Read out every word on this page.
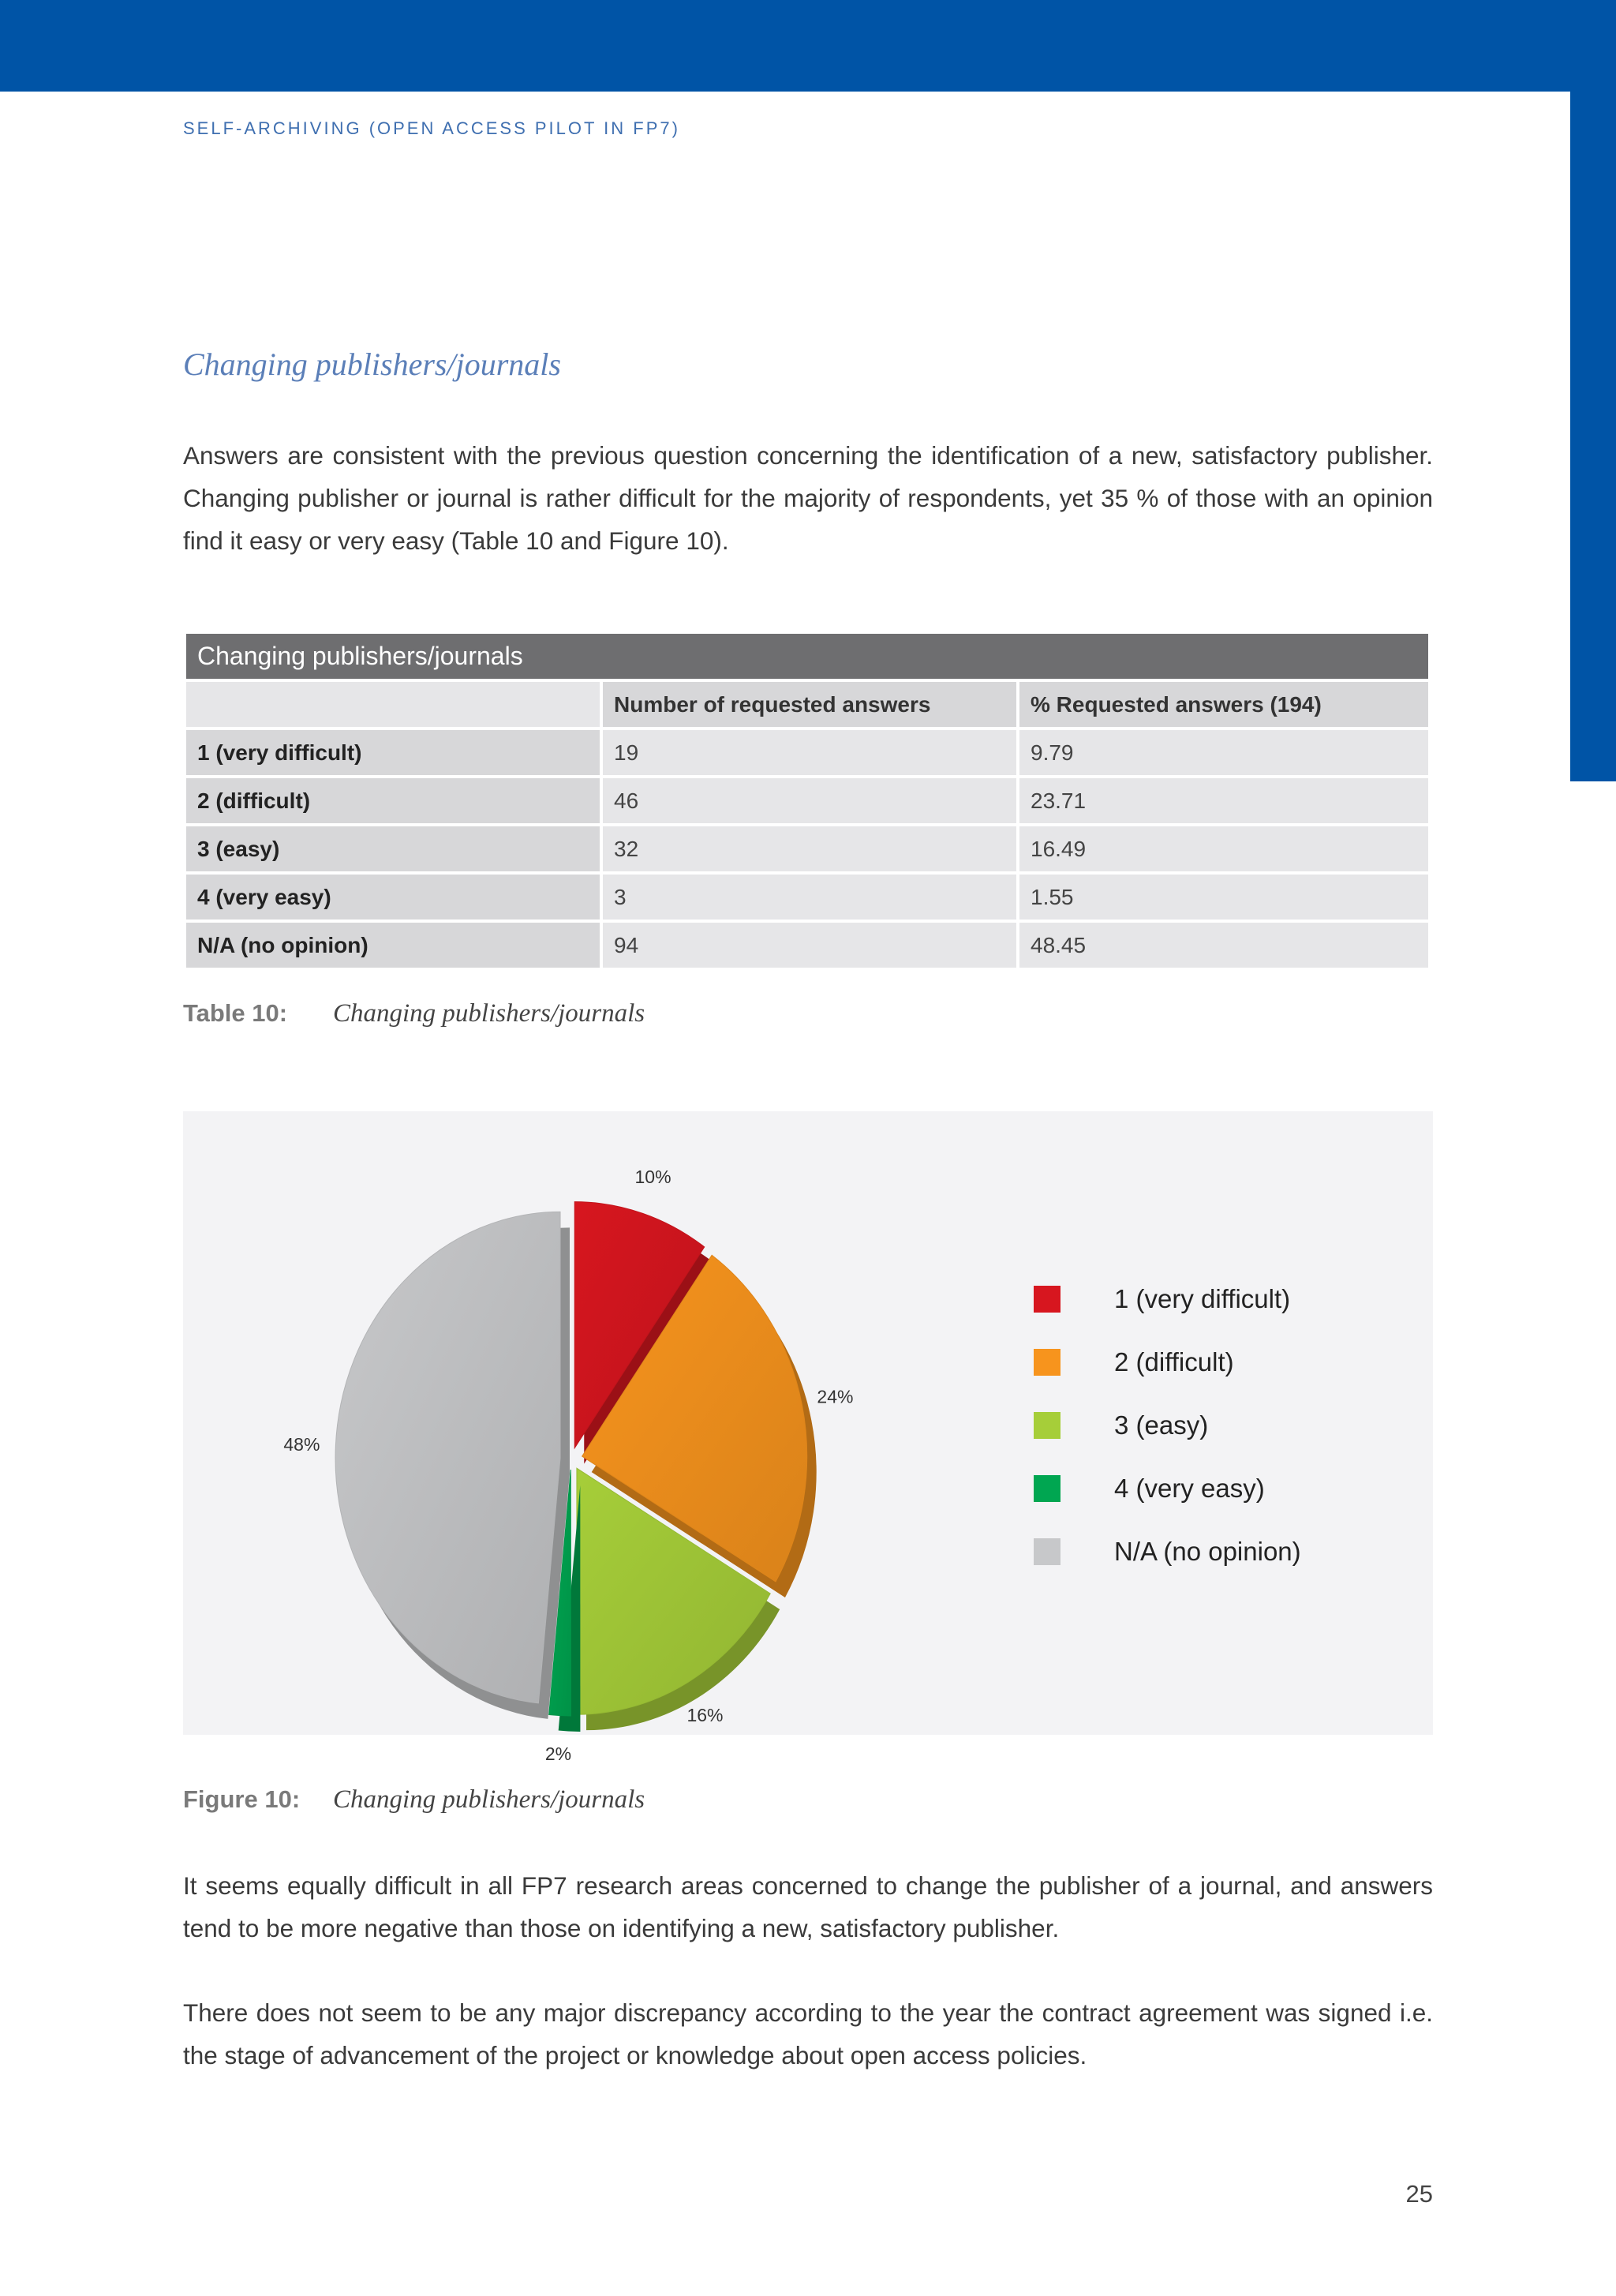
SELF-ARCHIVING (OPEN ACCESS PILOT IN FP7)
Changing publishers/journals
Answers are consistent with the previous question concerning the identification of a new, satisfactory publisher. Changing publisher or journal is rather difficult for the majority of respondents, yet 35 % of those with an opinion find it easy or very easy (Table 10 and Figure 10).
Changing publishers/journals		
	Number of requested answers	% Requested answers (194)
1 (very difficult)	19	9.79
2 (difficult)	46	23.71
3 (easy)	32	16.49
4 (very easy)	3	1.55
N/A (no opinion)	94	48.45
Table 10: Changing publishers/journals
10%
24%
16%
2%
48%
1 (very difficult)
2 (difficult)
3 (easy)
4 (very easy)
N/A (no opinion)
Figure 10: Changing publishers/journals
It seems equally difficult in all FP7 research areas concerned to change the publisher of a journal, and answers tend to be more negative than those on identifying a new, satisfactory publisher.
There does not seem to be any major discrepancy according to the year the contract agreement was signed i.e. the stage of advancement of the project or knowledge about open access policies.
25
